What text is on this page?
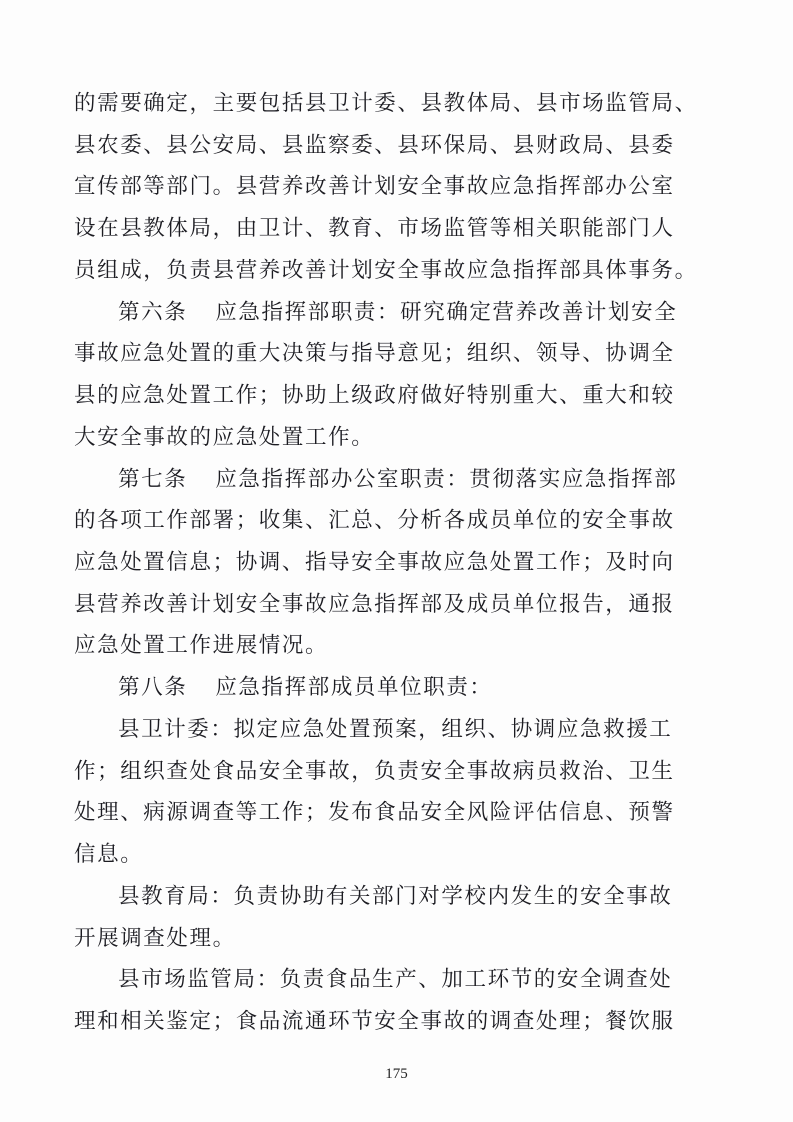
的需要确定，主要包括县卫计委、县教体局、县市场监管局、
县农委、县公安局、县监察委、县环保局、县财政局、县委
宣传部等部门。县营养改善计划安全事故应急指挥部办公室
设在县教体局，由卫计、教育、市场监管等相关职能部门人
员组成，负责县营养改善计划安全事故应急指挥部具体事务。
第六条 应急指挥部职责：研究确定营养改善计划安全
事故应急处置的重大决策与指导意见；组织、领导、协调全
县的应急处置工作；协助上级政府做好特别重大、重大和较
大安全事故的应急处置工作。
第七条 应急指挥部办公室职责：贯彻落实应急指挥部
的各项工作部署；收集、汇总、分析各成员单位的安全事故
应急处置信息；协调、指导安全事故应急处置工作；及时向
县营养改善计划安全事故应急指挥部及成员单位报告，通报
应急处置工作进展情况。
第八条 应急指挥部成员单位职责：
县卫计委：拟定应急处置预案，组织、协调应急救援工
作；组织查处食品安全事故，负责安全事故病员救治、卫生
处理、病源调查等工作；发布食品安全风险评估信息、预警
信息。
县教育局：负责协助有关部门对学校内发生的安全事故
开展调查处理。
县市场监管局：负责食品生产、加工环节的安全调查处
理和相关鉴定；食品流通环节安全事故的调查处理；餐饮服
175
